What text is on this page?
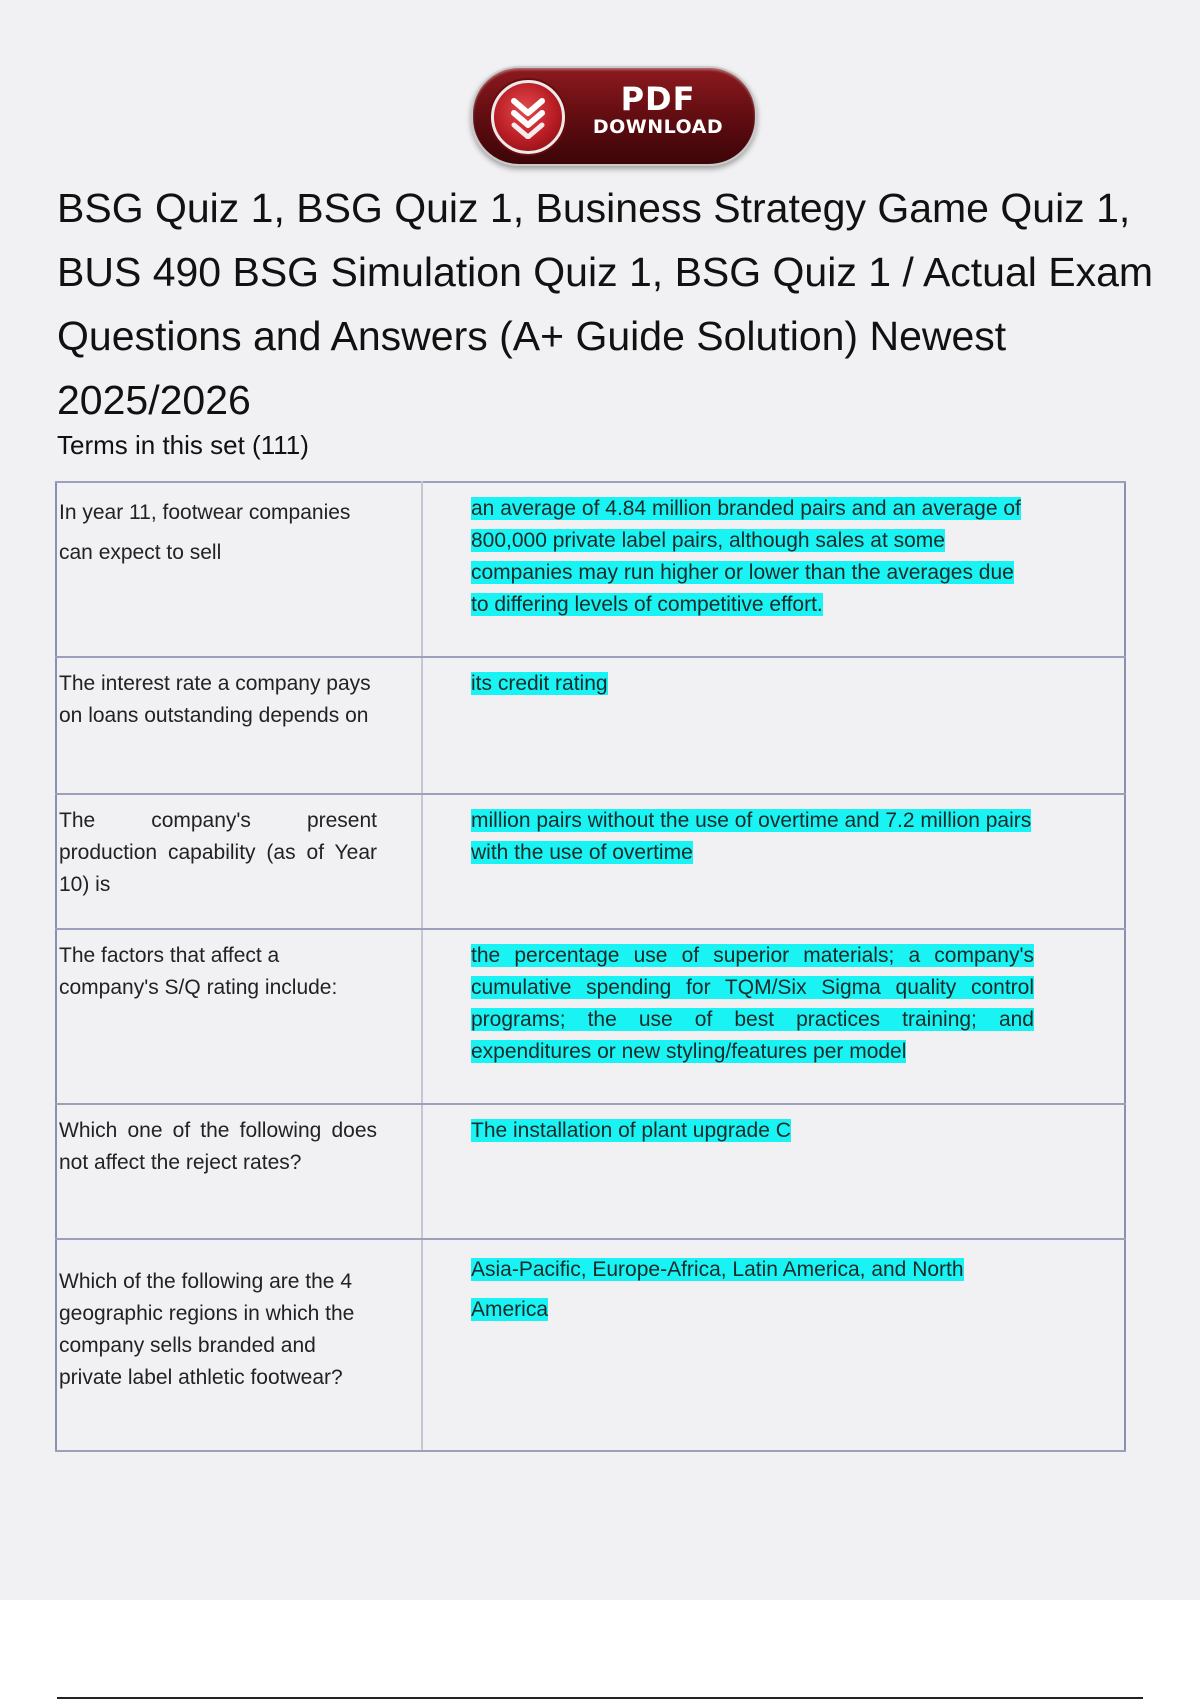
PDF
DOWNLOAD
BSG Quiz 1, BSG Quiz 1, Business Strategy Game Quiz 1, BUS 490 BSG Simulation Quiz 1, BSG Quiz 1 / Actual Exam Questions and Answers (A+ Guide Solution) Newest 2025/2026
Terms in this set (111)
In year 11, footwear companies can expect to sell	an average of 4.84 million branded pairs and an average of 800,000 private label pairs, although sales at some companies may run higher or lower than the averages due to differing levels of competitive effort.
The interest rate a company pays on loans outstanding depends on	its credit rating
The company's present production capability (as of Year 10) is	million pairs without the use of overtime and 7.2 million pairs with the use of overtime
The factors that affect a company's S/Q rating include:	the percentage use of superior materials; a company's cumulative spending for TQM/Six Sigma quality control programs; the use of best practices training; and expenditures or new styling/features per model
Which one of the following does not affect the reject rates?	The installation of plant upgrade C
Which of the following are the 4 geographic regions in which the company sells branded and private label athletic footwear?	Asia-Pacific, Europe-Africa, Latin America, and North America
